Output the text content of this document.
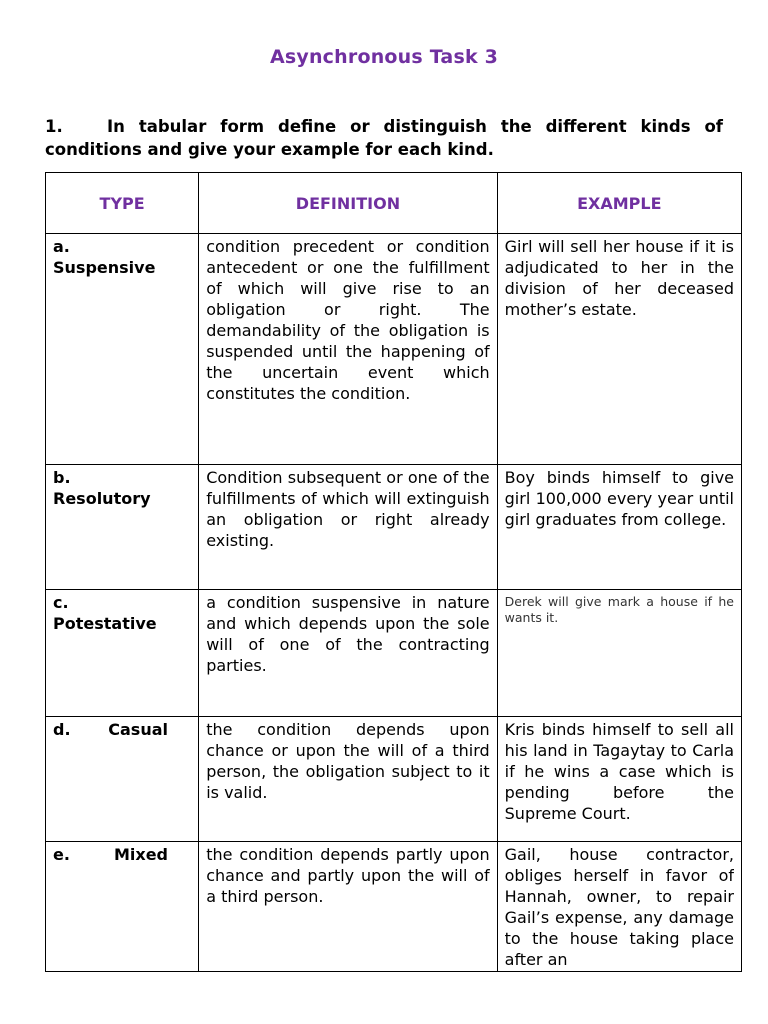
Asynchronous Task 3
1.	In tabular form define or distinguish the different kinds of conditions and give your example for each kind.
TYPE	DEFINITION	EXAMPLE

a.
Suspensive	condition precedent or condition antecedent or one the fulfillment of which will give rise to an obligation or right. The demandability of the obligation is suspended until the happening of the uncertain event which constitutes the condition.	Girl will sell her house if it is adjudicated to her in the division of her deceased mother’s estate.

b.
Resolutory	Condition subsequent or one of the fulfillments of which will extinguish an obligation or right already existing.	Boy binds himself to give girl 100,000 every year until girl graduates from college.

c.
Potestative	a condition suspensive in nature and which depends upon the sole will of one of the contracting parties.	Derek will give mark a house if he wants it.

d. Casual	the condition depends upon chance or upon the will of a third person, the obligation subject to it is valid.	Kris binds himself to sell all his land in Tagaytay to Carla if he wins a case which is pending before the Supreme Court.

e. Mixed	the condition depends partly upon chance and partly upon the will of a third person.	Gail, house contractor, obliges herself in favor of Hannah, owner, to repair Gail’s expense, any damage to the house taking place after an
